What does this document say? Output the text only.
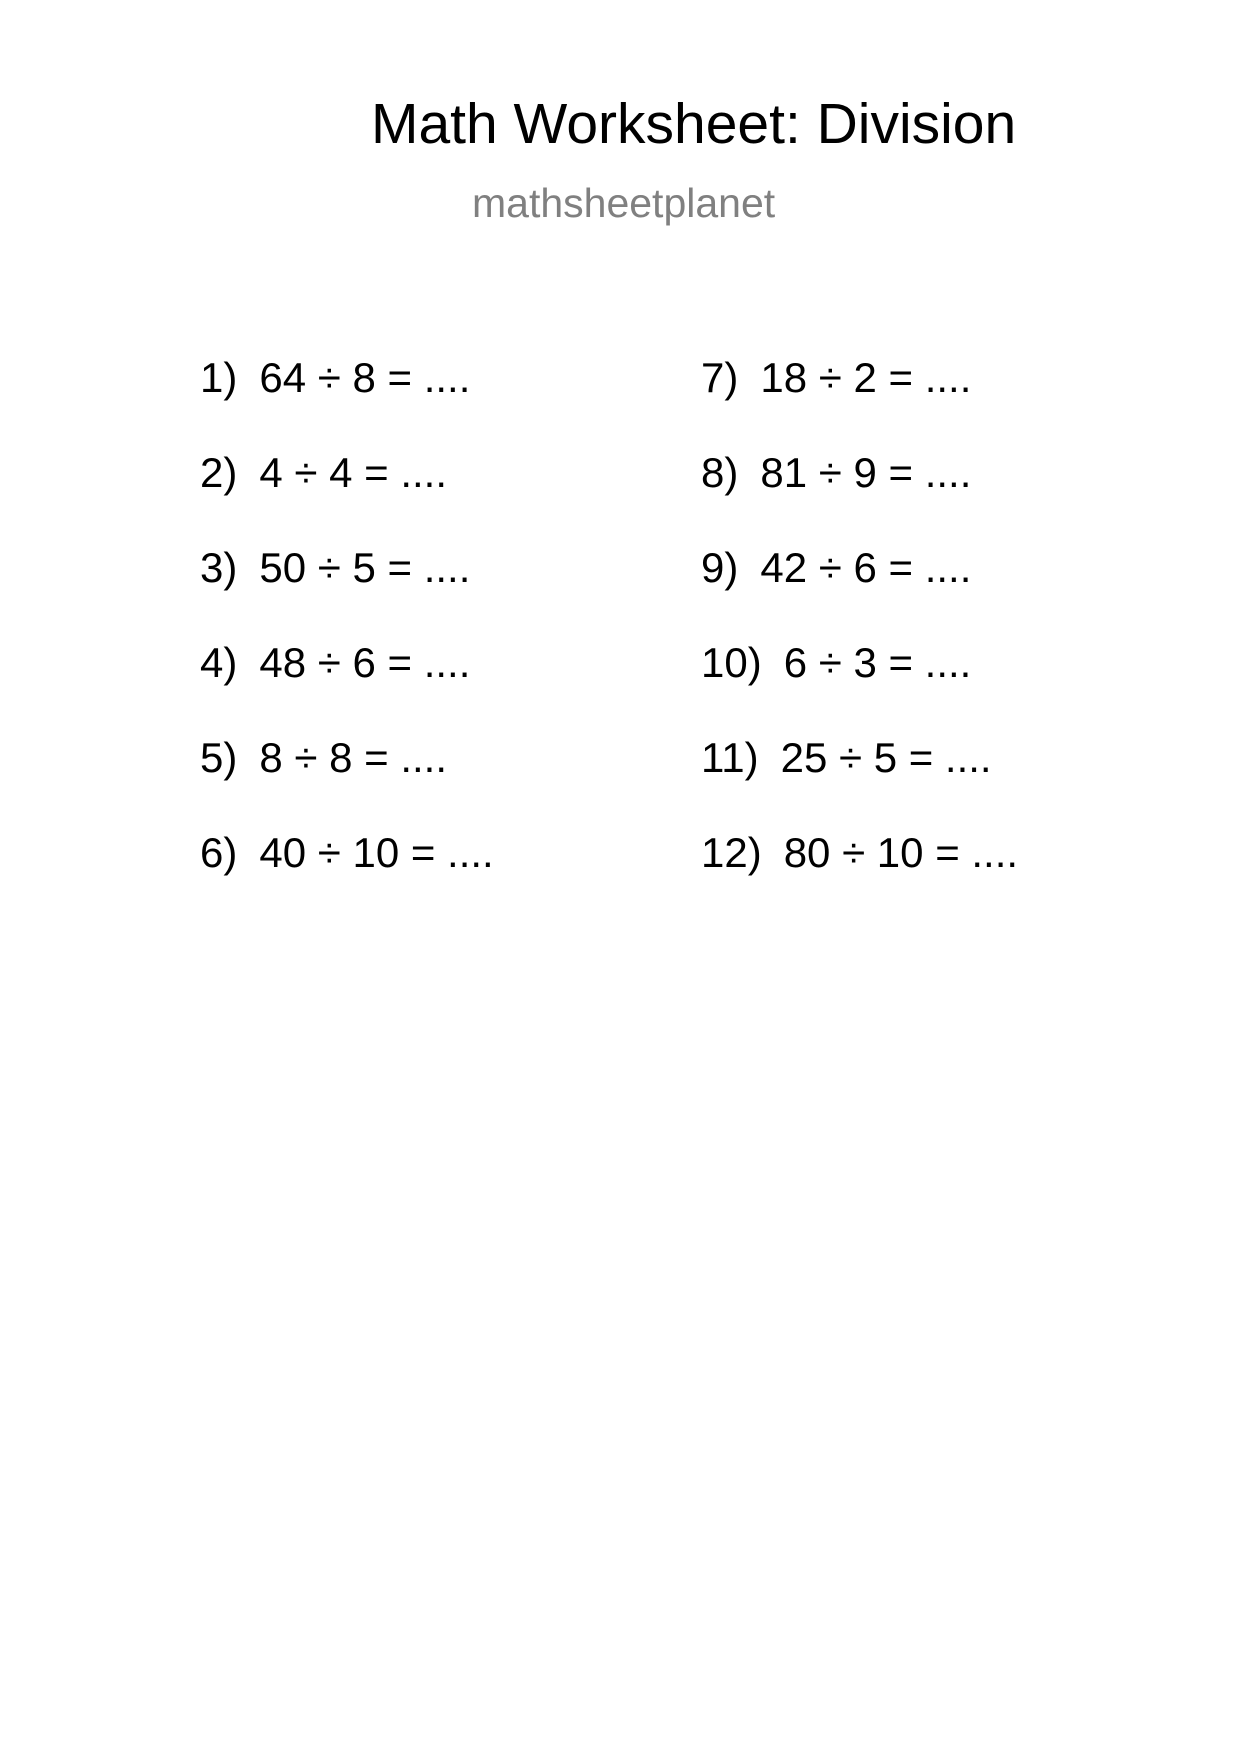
Math Worksheet: Division
mathsheetplanet
1) 64 ÷ 8 = ....
2) 4 ÷ 4 = ....
3) 50 ÷ 5 = ....
4) 48 ÷ 6 = ....
5) 8 ÷ 8 = ....
6) 40 ÷ 10 = ....
7) 18 ÷ 2 = ....
8) 81 ÷ 9 = ....
9) 42 ÷ 6 = ....
10) 6 ÷ 3 = ....
11) 25 ÷ 5 = ....
12) 80 ÷ 10 = ....
